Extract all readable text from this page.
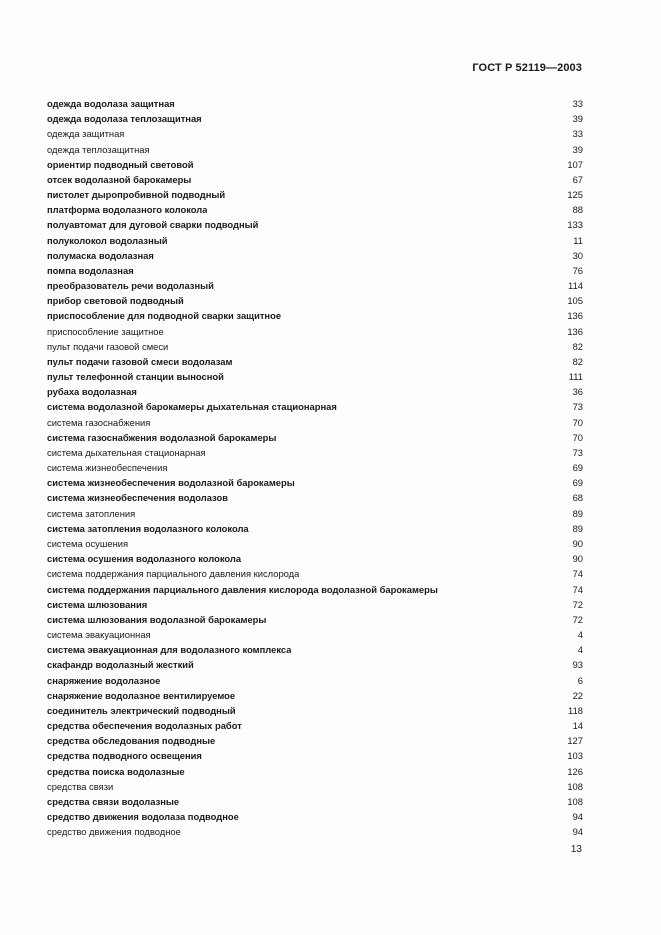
ГОСТ Р 52119—2003
одежда водолаза защитная	33
одежда водолаза теплозащитная	39
одежда защитная	33
одежда теплозащитная	39
ориентир подводный световой	107
отсек водолазной барокамеры	67
пистолет дыропробивной подводный	125
платформа водолазного колокола	88
полуавтомат для дуговой сварки подводный	133
полуколокол водолазный	11
полумаска водолазная	30
помпа водолазная	76
преобразователь речи водолазный	114
прибор световой подводный	105
приспособление для подводной сварки защитное	136
приспособление защитное	136
пульт подачи газовой смеси	82
пульт подачи газовой смеси водолазам	82
пульт телефонной станции выносной	111
рубаха водолазная	36
система водолазной барокамеры дыхательная стационарная	73
система газоснабжения	70
система газоснабжения водолазной барокамеры	70
система дыхательная стационарная	73
система жизнеобеспечения	69
система жизнеобеспечения водолазной барокамеры	69
система жизнеобеспечения водолазов	68
система затопления	89
система затопления водолазного колокола	89
система осушения	90
система осушения водолазного колокола	90
система поддержания парциального давления кислорода	74
система поддержания парциального давления кислорода водолазной барокамеры	74
система шлюзования	72
система шлюзования водолазной барокамеры	72
система эвакуационная	4
система эвакуационная для водолазного комплекса	4
скафандр водолазный жесткий	93
снаряжение водолазное	6
снаряжение водолазное вентилируемое	22
соединитель электрический подводный	118
средства обеспечения водолазных работ	14
средства обследования подводные	127
средства подводного освещения	103
средства поиска водолазные	126
средства связи	108
средства связи водолазные	108
средство движения водолаза подводное	94
средство движения подводное	94
13
